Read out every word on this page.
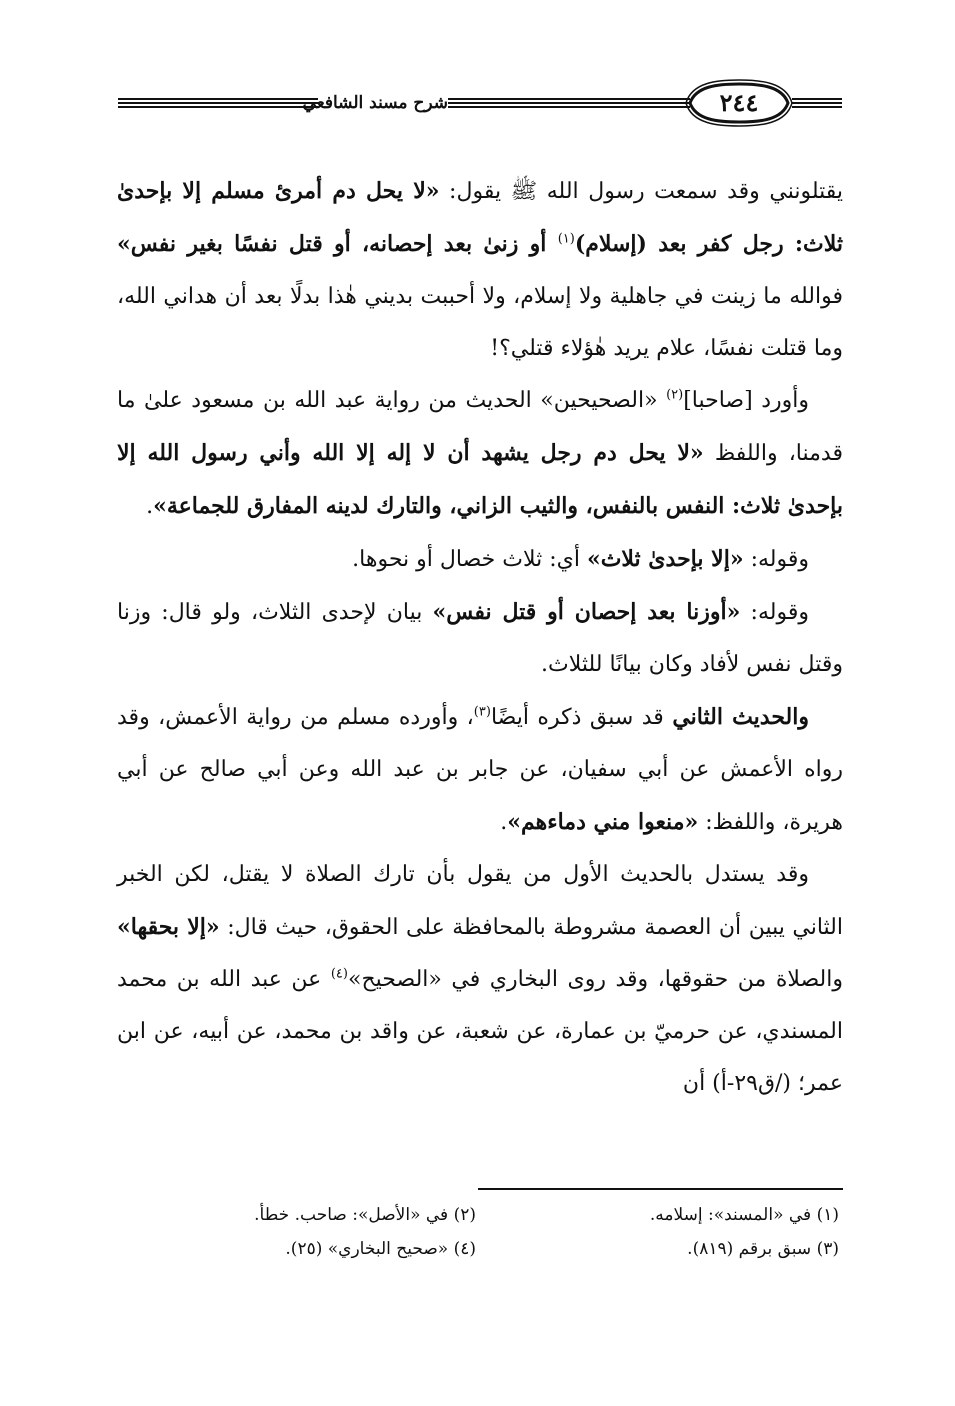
٢٤٤
شرح مسند الشافعي

يقتلونني وقد سمعت رسول الله ﷺ يقول: «لا يحل دم أمرئ مسلم إلا بإحدىٰ ثلاث: رجل كفر بعد (إسلام)$^{(١)}$ أو زنىٰ بعد إحصانه، أو قتل نفسًا بغير نفس» فوالله ما زينت في جاهلية ولا إسلام، ولا أحببت بديني هٰذا بدلًا بعد أن هداني الله، وما قتلت نفسًا، علام يريد هٰؤلاء قتلي؟!

وأورد [صاحبا]$^{(٢)}$ «الصحيحين» الحديث من رواية عبد الله بن مسعود علىٰ ما قدمنا، واللفظ «لا يحل دم رجل يشهد أن لا إله إلا الله وأني رسول الله إلا بإحدىٰ ثلاث: النفس بالنفس، والثيب الزاني، والتارك لدينه المفارق للجماعة».

وقوله: «إلا بإحدىٰ ثلاث» أي: ثلاث خصال أو نحوها.

وقوله: «أوزنا بعد إحصان أو قتل نفس» بيان لإحدى الثلاث، ولو قال: وزنا وقتل نفس لأفاد وكان بيانًا للثلاث.

والحديث الثاني قد سبق ذكره أيضًا$^{(٣)}$، وأورده مسلم من رواية الأعمش، وقد رواه الأعمش عن أبي سفيان، عن جابر بن عبد الله وعن أبي صالح عن أبي هريرة، واللفظ: «منعوا مني دماءهم».

وقد يستدل بالحديث الأول من يقول بأن تارك الصلاة لا يقتل، لكن الخبر الثاني يبين أن العصمة مشروطة بالمحافظة على الحقوق، حيث قال: «إلا بحقها» والصلاة من حقوقها، وقد روى البخاري في «الصحيح»$^{(٤)}$ عن عبد الله بن محمد المسندي، عن حرميّ بن عمارة، عن شعبة، عن واقد بن محمد، عن أبيه، عن ابن عمر؛ (/ق٢٩-أ) أن

(١) في «المسند»: إسلامه.
(٢) في «الأصل»: صاحب. خطأ.
(٣) سبق برقم (٨١٩).
(٤) «صحيح البخاري» (٢٥).
